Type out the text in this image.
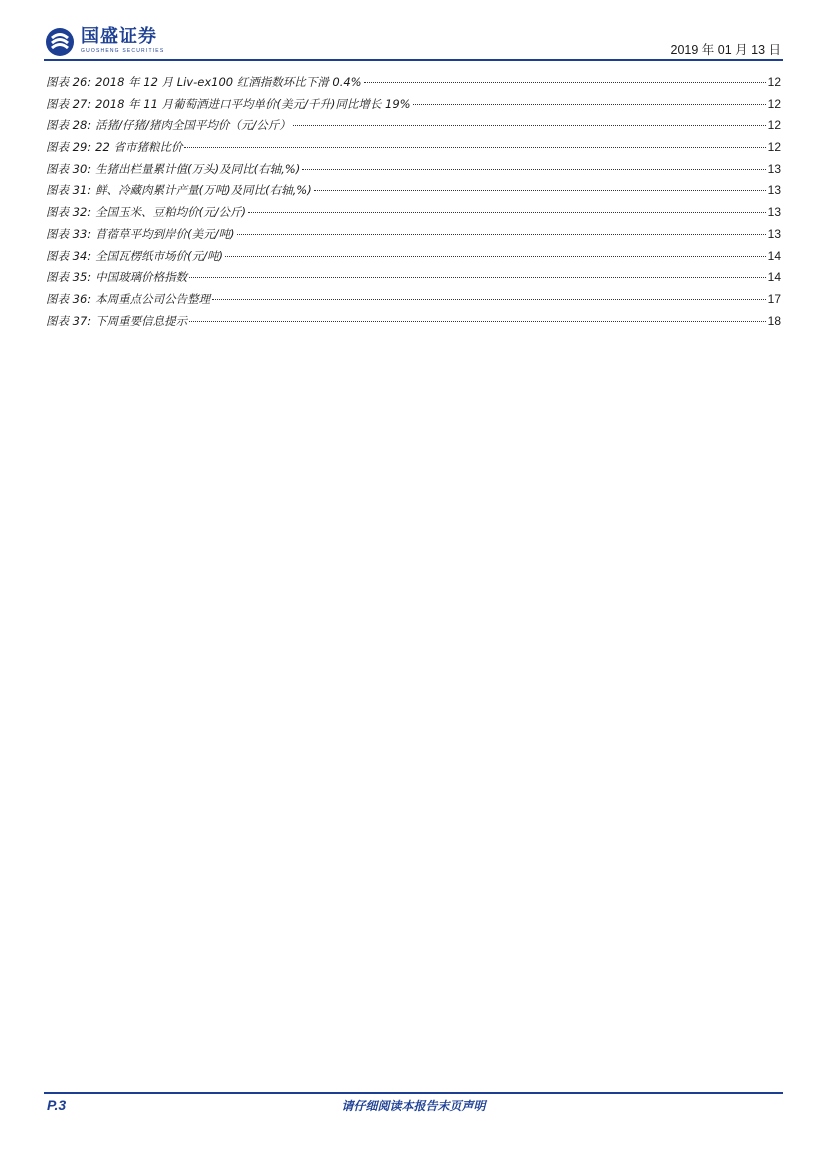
国盛证券
GUOSHENG SECURITIES	2019 年 01 月 13 日
图表 26: 2018 年 12 月 Liv-ex100 红酒指数环比下滑 0.4%	12
图表 27: 2018 年 11 月葡萄酒进口平均单价(美元/千升)同比增长 19%	12
图表 28: 活猪/仔猪/猪肉全国平均价（元/公斤）	12
图表 29: 22 省市猪粮比价	12
图表 30: 生猪出栏量累计值(万头)及同比(右轴,%)	13
图表 31: 鲜、冷藏肉累计产量(万吨)及同比(右轴,%)	13
图表 32: 全国玉米、豆粕均价(元/公斤)	13
图表 33: 苜蓿草平均到岸价(美元/吨)	13
图表 34: 全国瓦楞纸市场价(元/吨)	14
图表 35: 中国玻璃价格指数	14
图表 36: 本周重点公司公告整理	17
图表 37: 下周重要信息提示	18
P.3	请仔细阅读本报告末页声明
